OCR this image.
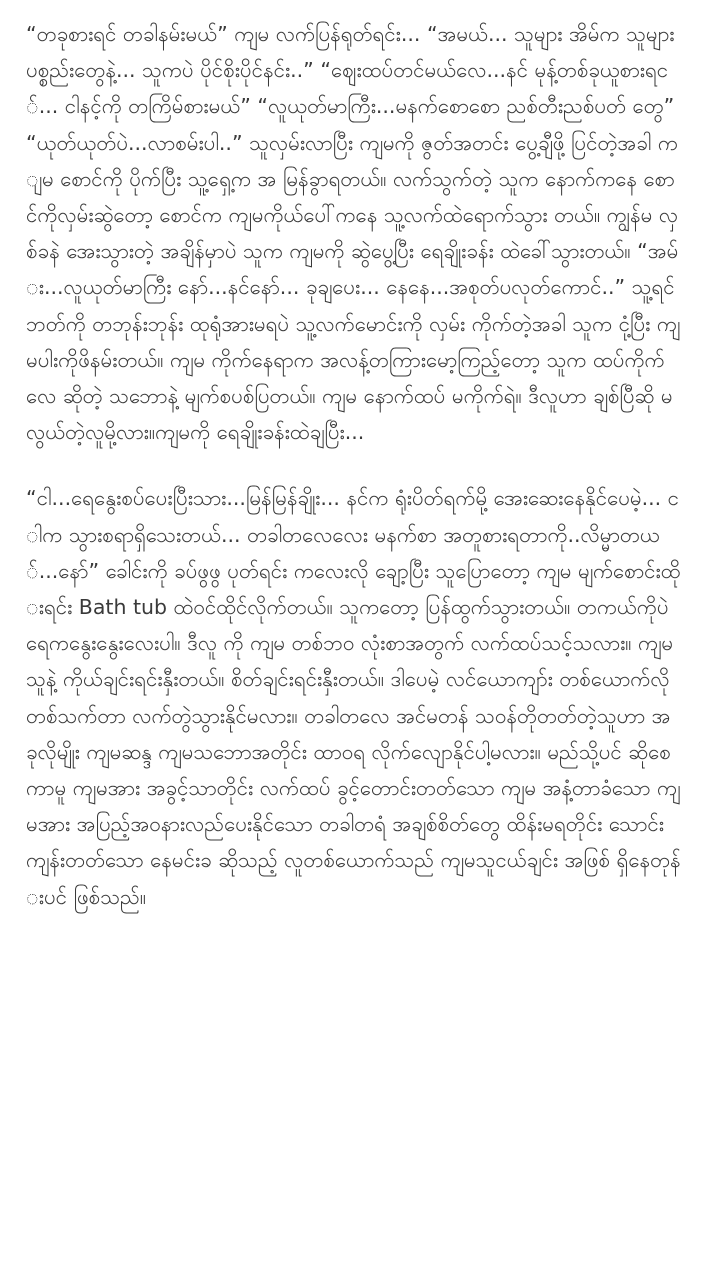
“တခုစားရင် တခါနမ်းမယ်” ကျမ လက်ပြန်ရုတ်ရင်း... “အမယ်... သူများ အိမ်က သူများပစ္စည်းတွေနဲ့... သူကပဲ ပိုင်စိုးပိုင်နင်း..” “ဈေးထပ်တင်မယ်လေ...နင် မုန့်တစ်ခုယူစားရင်... ငါနင့်ကို တကြိမ်စားမယ်” “လူယုတ်မာကြီး...မနက်စောစော ညစ်တီးညစ်ပတ် တွေ” “ယုတ်ယုတ်ပဲ...လာစမ်းပါ..” သူလှမ်းလာပြီး ကျမကို ဇွတ်အတင်း ပွေ့ချီဖို့ ပြင်တဲ့အခါ ကျမ စောင်ကို ပိုက်ပြီး သူ့ရှေ့က အ မြန်ခွာရတယ်။ လက်သွက်တဲ့ သူက နောက်ကနေ စောင်ကိုလှမ်းဆွဲတော့ စောင်က ကျမကိုယ်ပေါ်ကနေ သူ့လက်ထဲရောက်သွား တယ်။ ကျွန်မ လှစ်ခနဲ အေးသွားတဲ့ အချိန်မှာပဲ သူက ကျမကို ဆွဲပွေ့ပြီး ရေချိုးခန်း ထဲခေါ်သွားတယ်။ “အမ်း...လူယုတ်မာကြီး နော်...နင်နော်... ခုချပေး... နေနေ...အစုတ်ပလုတ်ကောင်..” သူ့ရင်ဘတ်ကို တဘုန်းဘုန်း ထုရုံအားမရပဲ သူ့လက်မောင်းကို လှမ်း ကိုက်တဲ့အခါ သူက ငုံ့ပြီး ကျမပါးကိုဖိနမ်းတယ်။ ကျမ ကိုက်နေရာက အလန့်တကြားမော့ကြည့်တော့ သူက ထပ်ကိုက်လေ ဆိုတဲ့ သဘောနဲ့ မျက်စပစ်ပြတယ်။ ကျမ နောက်ထပ် မကိုက်ရဲ။ ဒီလူဟာ ချစ်ပြီဆို မလွယ်တဲ့လူမို့လား။ကျမကို ရေချိုးခန်းထဲချပြီး...

“ငါ...ရေနွေးစပ်ပေးပြီးသား...မြန်မြန်ချိုး... နင်က ရုံးပိတ်ရက်မို့ အေးဆေးနေနိုင်ပေမဲ့... ငါက သွားစရာရှိသေးတယ်... တခါတလေလေး မနက်စာ အတူစားရတာကို..လိမ္မာတယ်...နော်” ခေါင်းကို ခပ်ဖွဖွ ပုတ်ရင်း ကလေးလို ချော့ပြီး သူပြောတော့ ကျမ မျက်စောင်းထိုးရင်း Bath tub ထဲဝင်ထိုင်လိုက်တယ်။ သူကတော့ ပြန်ထွက်သွားတယ်။ တကယ်ကိုပဲ ရေကနွေးနွေးလေးပါ။ ဒီလူ ကို ကျမ တစ်ဘဝ လုံးစာအတွက် လက်ထပ်သင့်သလား။ ကျမ သူနဲ့ ကိုယ်ချင်းရင်းနှီးတယ်။ စိတ်ချင်းရင်းနှီးတယ်။ ဒါပေမဲ့ လင်ယောကျာ်း တစ်ယောက်လို တစ်သက်တာ လက်တွဲသွားနိုင်မလား။ တခါတလေ အင်မတန် သဝန်တိုတတ်တဲ့သူဟာ အခုလိုမျိုး ကျမဆန္ဒ ကျမသဘောအတိုင်း ထာဝရ လိုက်လျောနိုင်ပါ့မလား။ မည်သို့ပင် ဆိုစေကာမူ ကျမအား အခွင့်သာတိုင်း လက်ထပ် ခွင့်တောင်းတတ်သော ကျမ အနံ့တာခံသော ကျမအား အပြည့်အဝနားလည်ပေးနိုင်သော တခါတရံ အချစ်စိတ်တွေ ထိန်းမရတိုင်း သောင်းကျန်းတတ်သော နေမင်းခ ဆိုသည့် လူတစ်ယောက်သည် ကျမသူငယ်ချင်း အဖြစ် ရှိနေတုန်းပင် ဖြစ်သည်။
